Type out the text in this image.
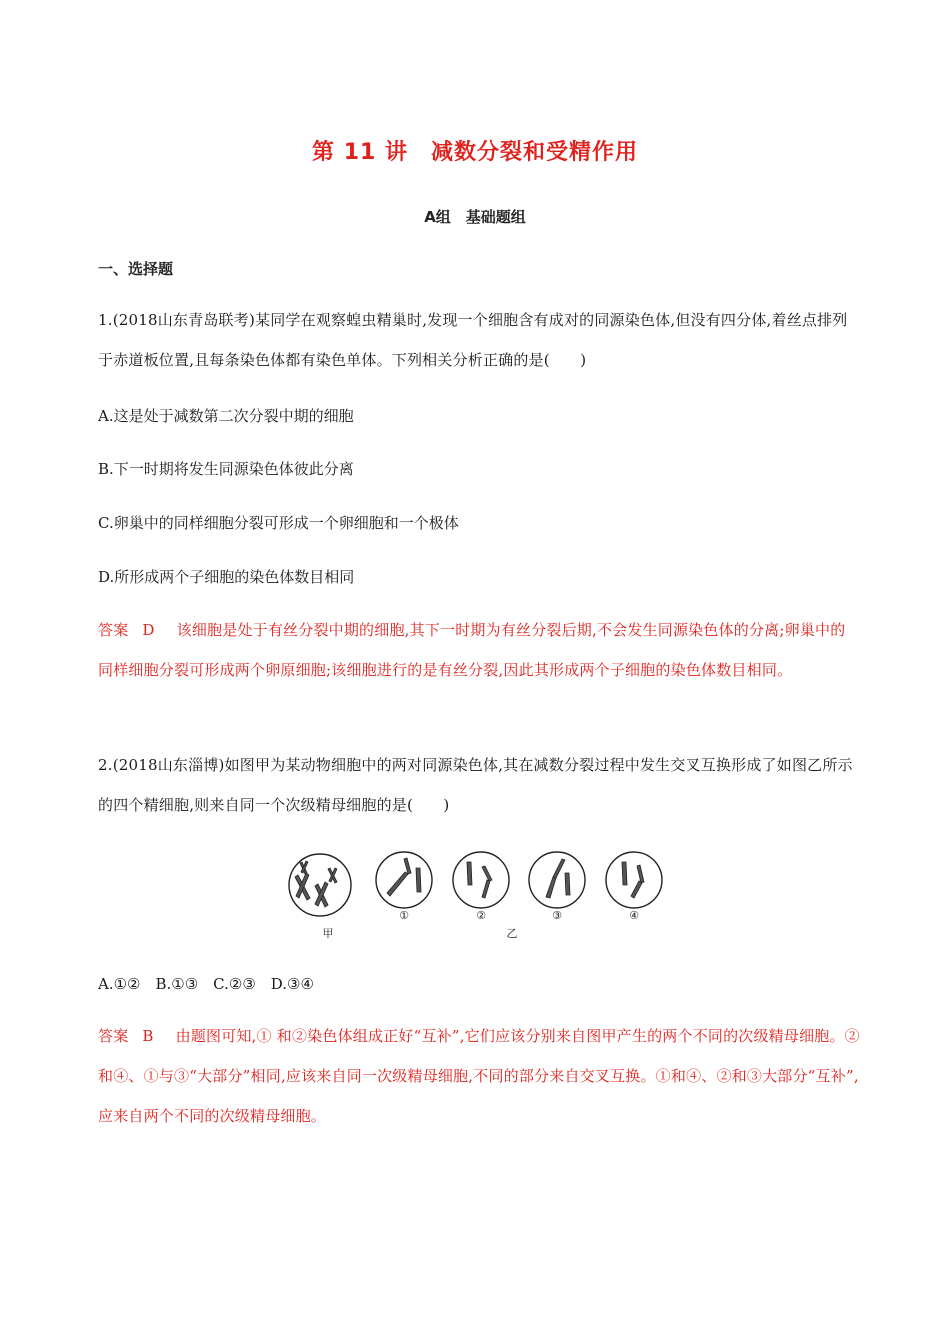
第 11 讲　减数分裂和受精作用
A组　基础题组
一、选择题

1.(2018山东青岛联考)某同学在观察蝗虫精巢时,发现一个细胞含有成对的同源染色体,但没有四分体,着丝点排列于赤道板位置,且每条染色体都有染色单体。下列相关分析正确的是(　　)

A.这是处于减数第二次分裂中期的细胞
B.下一时期将发生同源染色体彼此分离
C.卵巢中的同样细胞分裂可形成一个卵细胞和一个极体
D.所形成两个子细胞的染色体数目相同

答案 D 该细胞是处于有丝分裂中期的细胞,其下一时期为有丝分裂后期,不会发生同源染色体的分离;卵巢中的同样细胞分裂可形成两个卵原细胞;该细胞进行的是有丝分裂,因此其形成两个子细胞的染色体数目相同。

2.(2018山东淄博)如图甲为某动物细胞中的两对同源染色体,其在减数分裂过程中发生交叉互换形成了如图乙所示的四个精细胞,则来自同一个次级精母细胞的是(　　)

甲	乙
①	②	③	④
A.①②　B.①③　C.②③　D.③④

答案 B 由题图可知,① 和②染色体组成正好“互补”,它们应该分别来自图甲产生的两个不同的次级精母细胞。②和④、①与③“大部分”相同,应该来自同一次级精母细胞,不同的部分来自交叉互换。①和④、②和③大部分“互补”,应来自两个不同的次级精母细胞。
